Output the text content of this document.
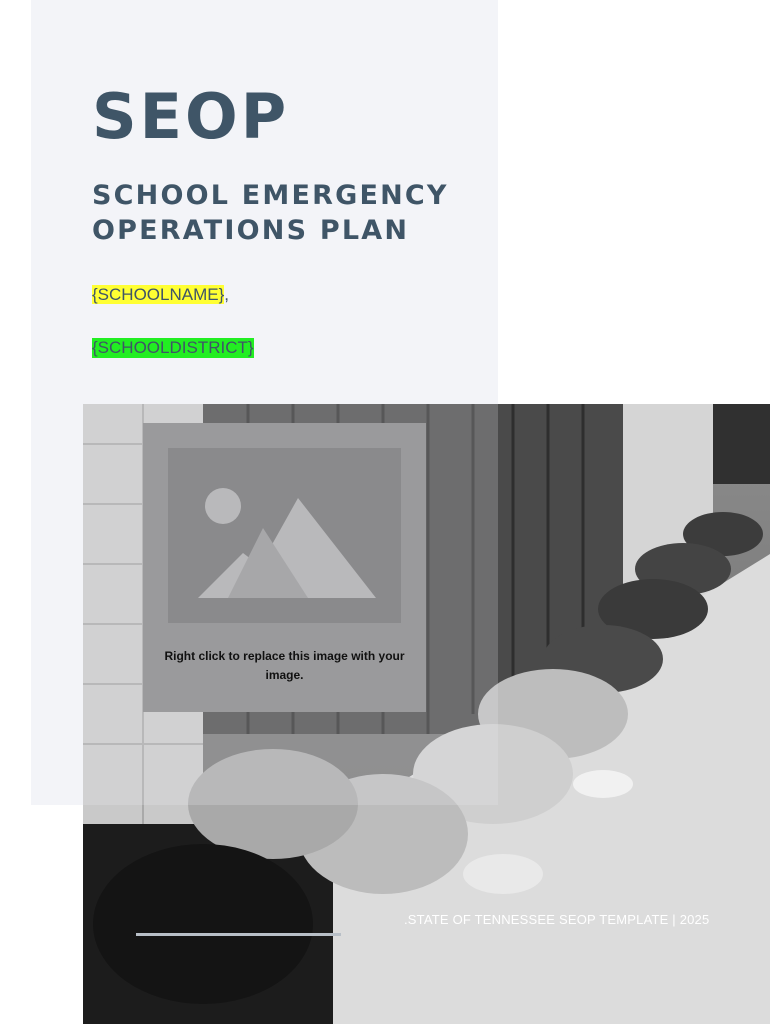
SEOP
SCHOOL EMERGENCY OPERATIONS PLAN
{SCHOOLNAME},
{SCHOOLDISTRICT}
Right click to replace this image with your image.
.STATE OF TENNESSEE SEOP TEMPLATE | 2025
